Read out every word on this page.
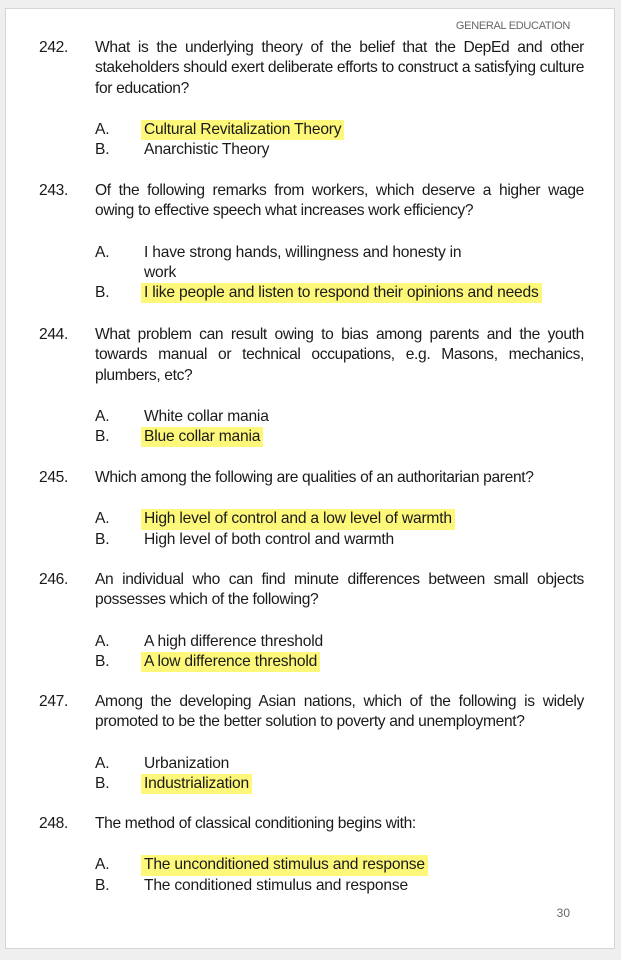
GENERAL EDUCATION
242.	What is the underlying theory of the belief that the DepEd and other stakeholders should exert deliberate efforts to construct a satisfying culture for education?
A.	Cultural Revitalization Theory
B.	Anarchistic Theory
243.	Of the following remarks from workers, which deserve a higher wage owing to effective speech what increases work efficiency?
A.	I have strong hands, willingness and honesty in work
B.	I like people and listen to respond their opinions and needs
244.	What problem can result owing to bias among parents and the youth towards manual or technical occupations, e.g. Masons, mechanics, plumbers, etc?
A.	White collar mania
B.	Blue collar mania
245.	Which among the following are qualities of an authoritarian parent?
A.	High level of control and a low level of warmth
B.	High level of both control and warmth
246.	An individual who can find minute differences between small objects possesses which of the following?
A.	A high difference threshold
B.	A low difference threshold
247.	Among the developing Asian nations, which of the following is widely promoted to be the better solution to poverty and unemployment?
A.	Urbanization
B.	Industrialization
248.	The method of classical conditioning begins with:
A.	The unconditioned stimulus and response
B.	The conditioned stimulus and response
30
